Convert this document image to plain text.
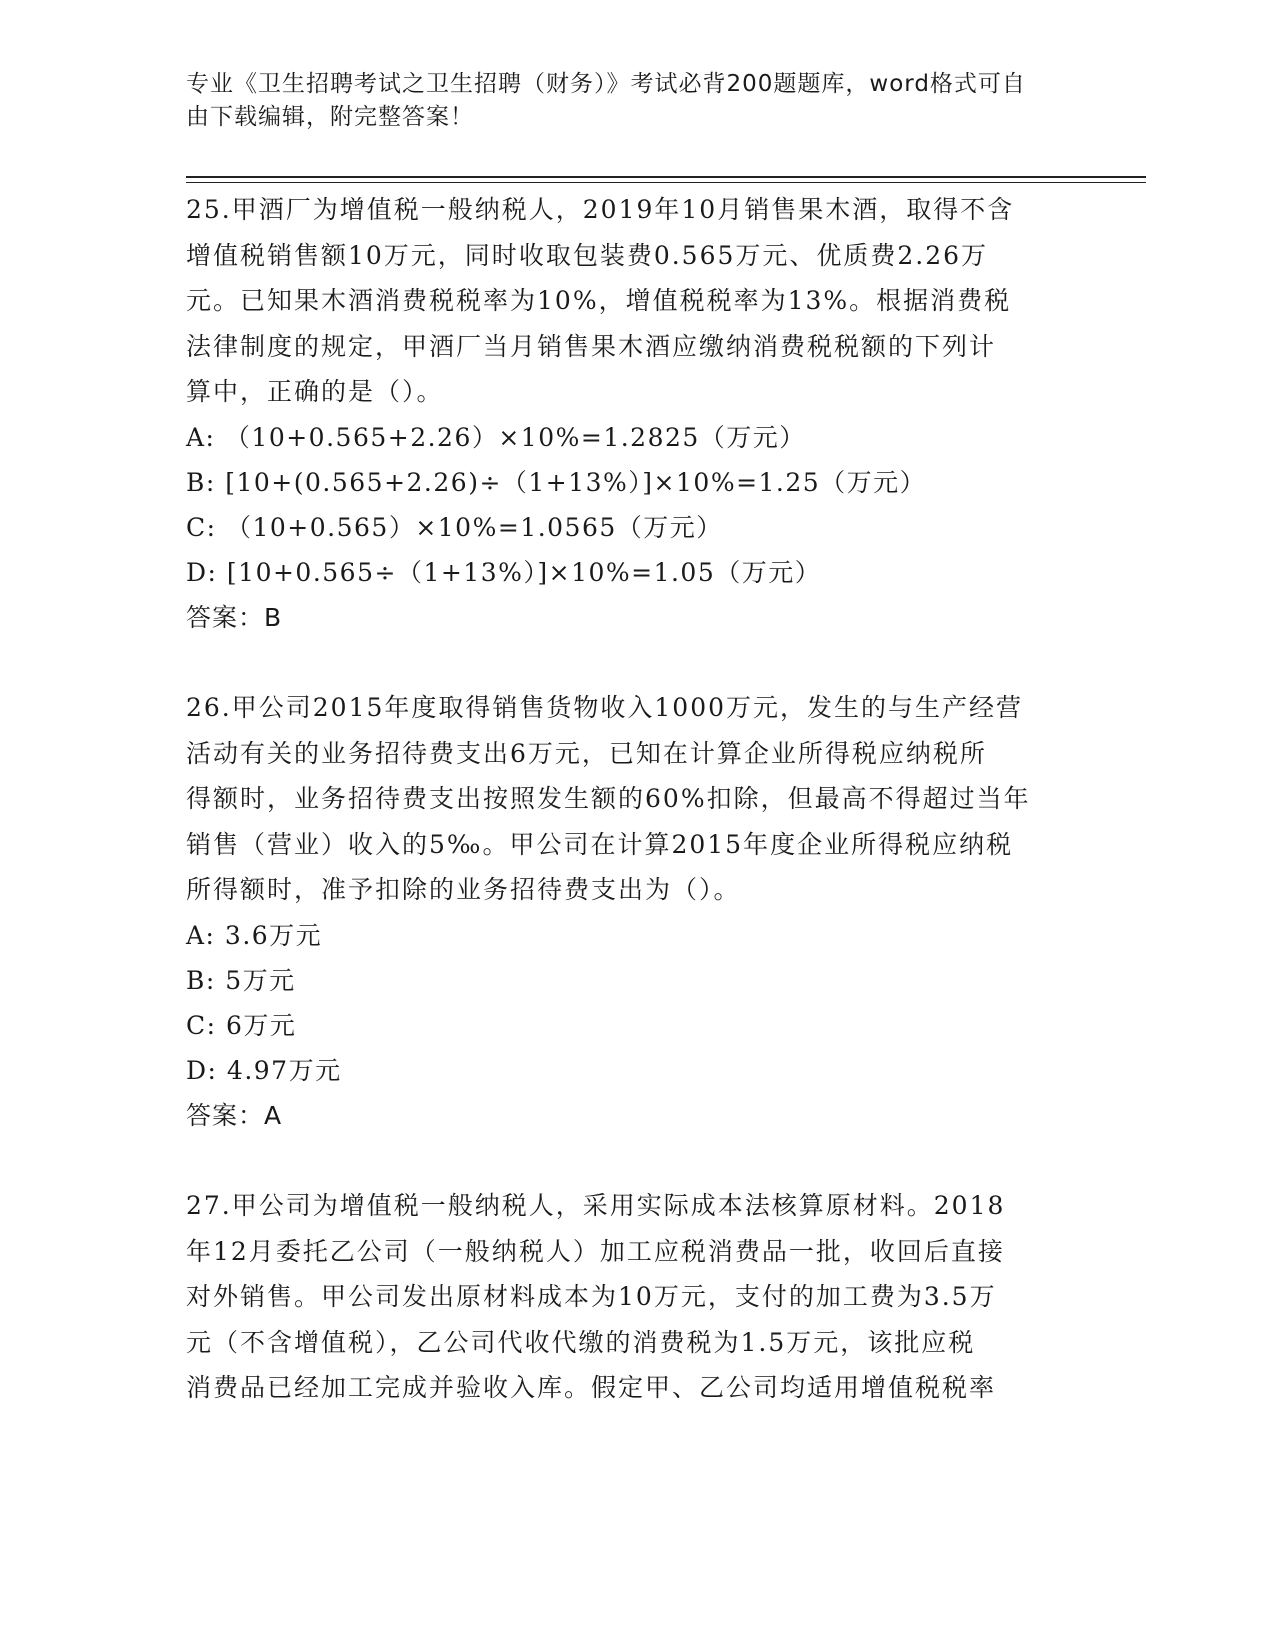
专业《卫生招聘考试之卫生招聘（财务）》考试必背200题题库，word格式可自
由下载编辑，附完整答案！

25.甲酒厂为增值税一般纳税人，2019年10月销售果木酒，取得不含
增值税销售额10万元，同时收取包装费0.565万元、优质费2.26万
元。已知果木酒消费税税率为10%，增值税税率为13%。根据消费税
法律制度的规定，甲酒厂当月销售果木酒应缴纳消费税税额的下列计
算中，正确的是（）。

A: （10+0.565+2.26）×10%=1.2825（万元）

B: [10+(0.565+2.26)÷（1+13%）]×10%=1.25（万元）

C: （10+0.565）×10%=1.0565（万元）

D: [10+0.565÷（1+13%）]×10%=1.05（万元）

答案：B

26.甲公司2015年度取得销售货物收入1000万元，发生的与生产经营
活动有关的业务招待费支出6万元，已知在计算企业所得税应纳税所
得额时，业务招待费支出按照发生额的60%扣除，但最高不得超过当年
销售（营业）收入的5‰。甲公司在计算2015年度企业所得税应纳税
所得额时，准予扣除的业务招待费支出为（）。

A: 3.6万元

B: 5万元

C: 6万元

D: 4.97万元

答案：A

27.甲公司为增值税一般纳税人，采用实际成本法核算原材料。2018
年12月委托乙公司（一般纳税人）加工应税消费品一批，收回后直接
对外销售。甲公司发出原材料成本为10万元，支付的加工费为3.5万
元（不含增值税），乙公司代收代缴的消费税为1.5万元，该批应税
消费品已经加工完成并验收入库。假定甲、乙公司均适用增值税税率
